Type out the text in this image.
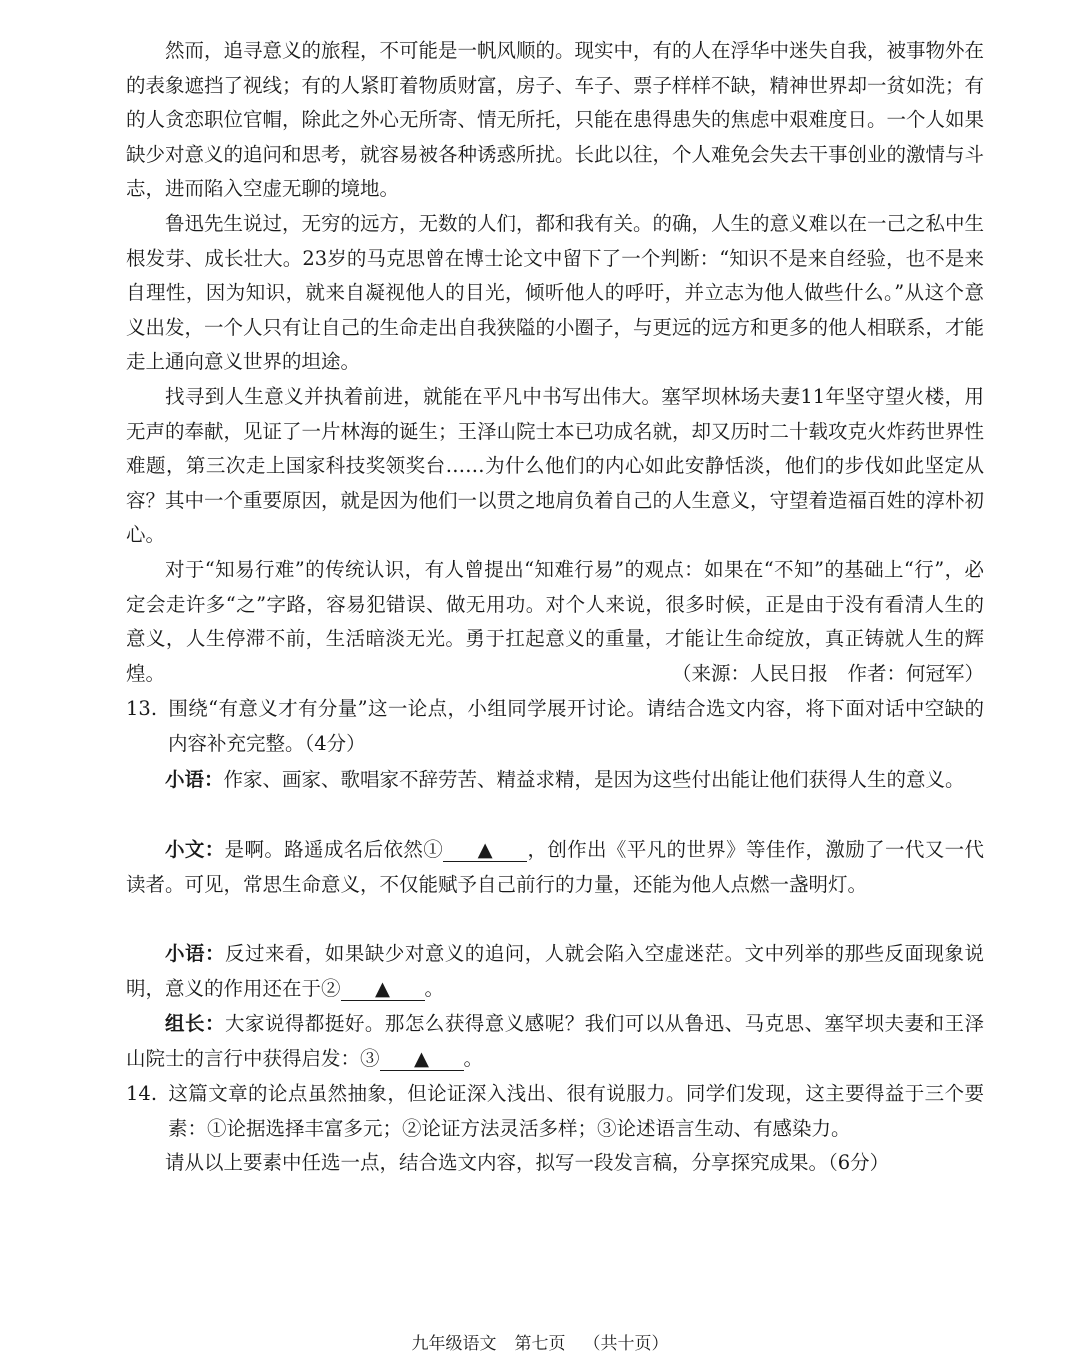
然而，追寻意义的旅程，不可能是一帆风顺的。现实中，有的人在浮华中迷失自我，被事物外在的表象遮挡了视线；有的人紧盯着物质财富，房子、车子、票子样样不缺，精神世界却一贫如洗；有的人贪恋职位官帽，除此之外心无所寄、情无所托，只能在患得患失的焦虑中艰难度日。一个人如果缺少对意义的追问和思考，就容易被各种诱惑所扰。长此以往，个人难免会失去干事创业的激情与斗志，进而陷入空虚无聊的境地。

鲁迅先生说过，无穷的远方，无数的人们，都和我有关。的确，人生的意义难以在一己之私中生根发芽、成长壮大。23岁的马克思曾在博士论文中留下了一个判断：“知识不是来自经验，也不是来自理性，因为知识，就来自凝视他人的目光，倾听他人的呼吁，并立志为他人做些什么。”从这个意义出发，一个人只有让自己的生命走出自我狭隘的小圈子，与更远的远方和更多的他人相联系，才能走上通向意义世界的坦途。

找寻到人生意义并执着前进，就能在平凡中书写出伟大。塞罕坝林场夫妻11年坚守望火楼，用无声的奉献，见证了一片林海的诞生；王泽山院士本已功成名就，却又历时二十载攻克火炸药世界性难题，第三次走上国家科技奖领奖台……为什么他们的内心如此安静恬淡，他们的步伐如此坚定从容？其中一个重要原因，就是因为他们一以贯之地肩负着自己的人生意义，守望着造福百姓的淳朴初心。

对于“知易行难”的传统认识，有人曾提出“知难行易”的观点：如果在“不知”的基础上“行”，必定会走许多“之”字路，容易犯错误、做无用功。对个人来说，很多时候，正是由于没有看清人生的意义，人生停滞不前，生活暗淡无光。勇于扛起意义的重量，才能让生命绽放，真正铸就人生的辉煌。	（来源：人民日报　作者：何冠军）

13. 围绕“有意义才有分量”这一论点，小组同学展开讨论。请结合选文内容，将下面对话中空缺的内容补充完整。（4分）

小语：作家、画家、歌唱家不辞劳苦、精益求精，是因为这些付出能让他们获得人生的意义。

小文：是啊。路遥成名后依然① ▲ ，创作出《平凡的世界》等佳作，激励了一代又一代读者。可见，常思生命意义，不仅能赋予自己前行的力量，还能为他人点燃一盏明灯。

小语：反过来看，如果缺少对意义的追问，人就会陷入空虚迷茫。文中列举的那些反面现象说明，意义的作用还在于② ▲ 。

组长：大家说得都挺好。那怎么获得意义感呢？我们可以从鲁迅、马克思、塞罕坝夫妻和王泽山院士的言行中获得启发：③ ▲ 。

14. 这篇文章的论点虽然抽象，但论证深入浅出、很有说服力。同学们发现，这主要得益于三个要素：①论据选择丰富多元；②论证方法灵活多样；③论述语言生动、有感染力。

请从以上要素中任选一点，结合选文内容，拟写一段发言稿，分享探究成果。（6分）

九年级语文 第七页 （共十页）
